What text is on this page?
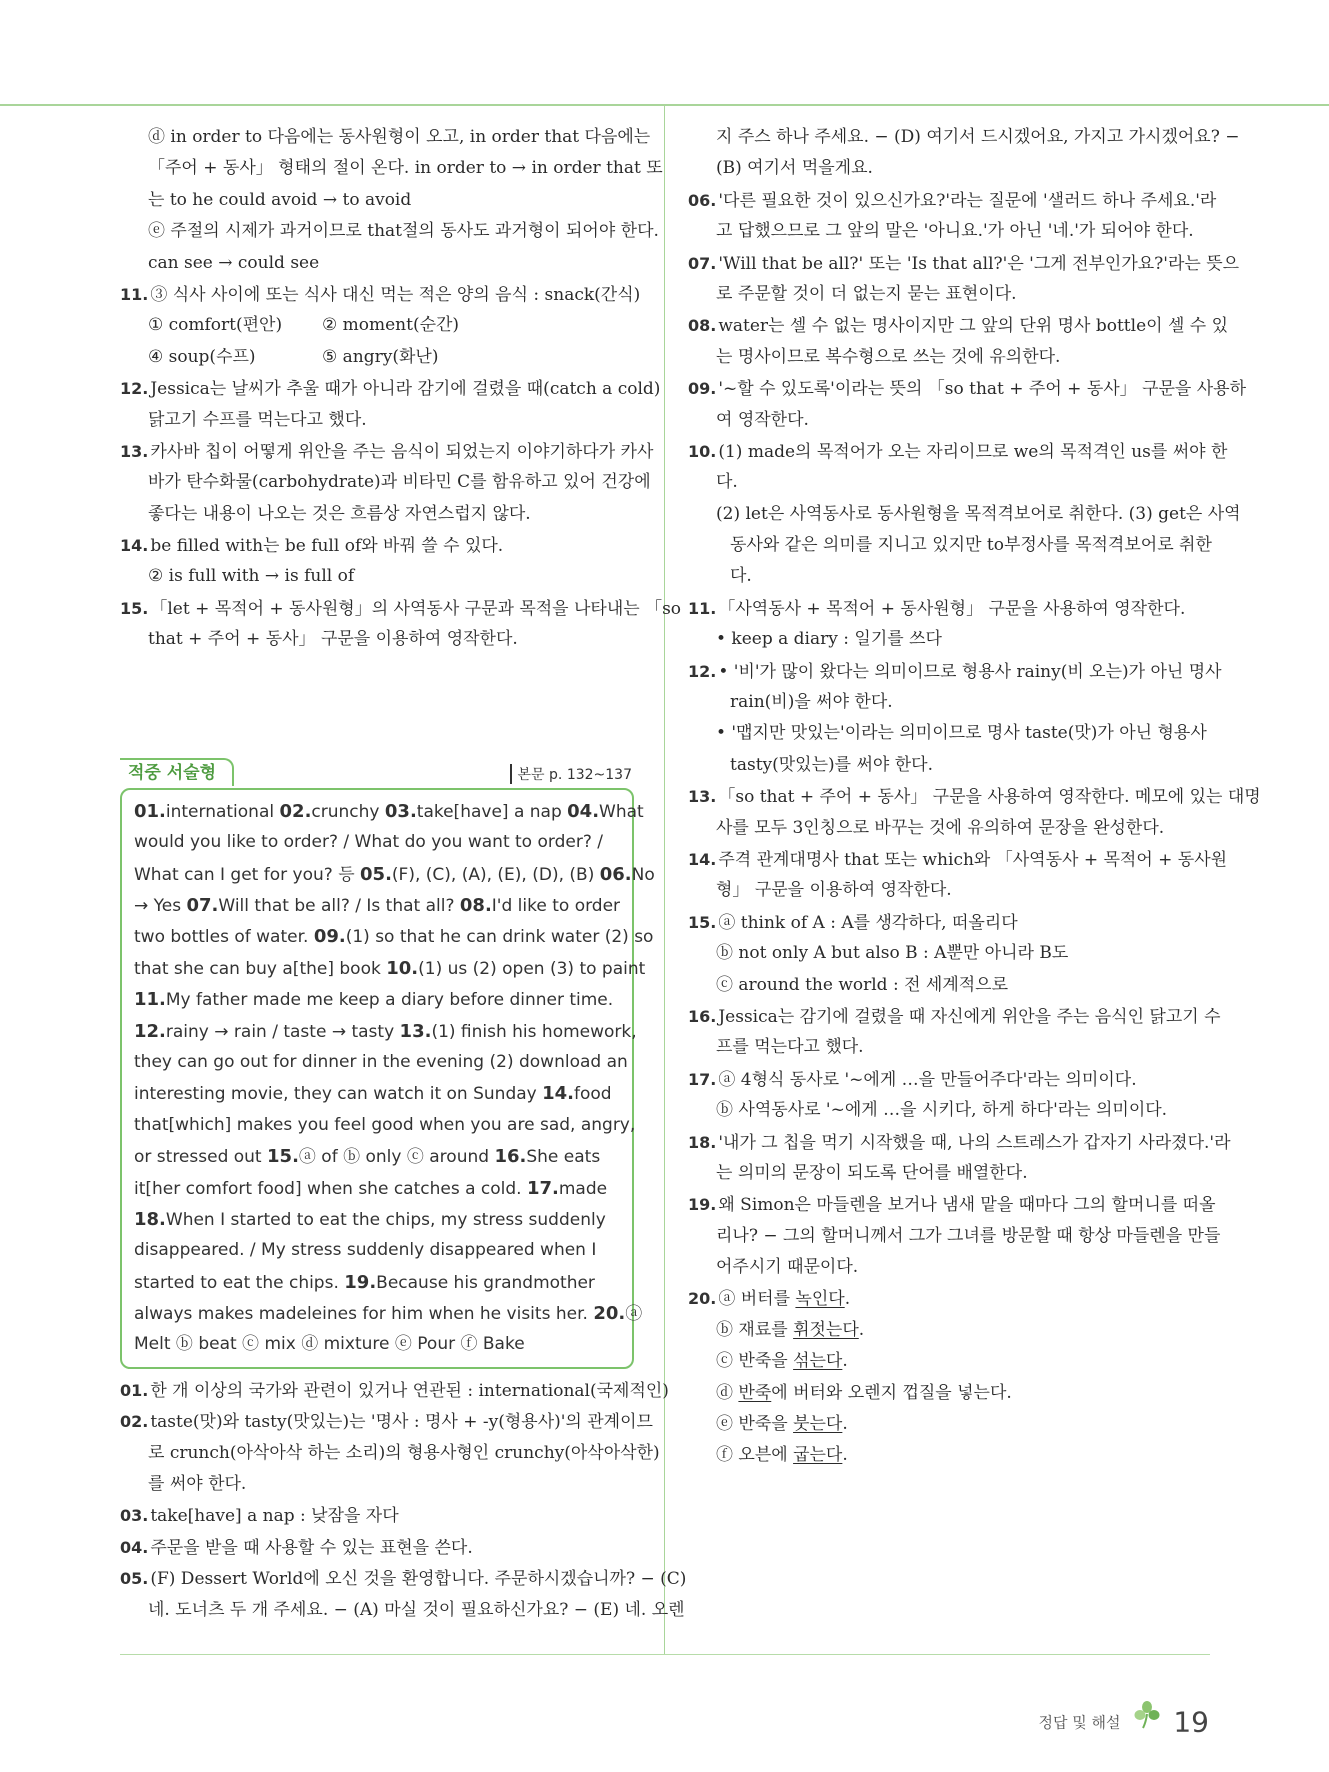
ⓓ in order to 다음에는 동사원형이 오고, in order that 다음에는
「주어 + 동사」 형태의 절이 온다. in order to → in order that 또
는 to he could avoid → to avoid
ⓔ 주절의 시제가 과거이므로 that절의 동사도 과거형이 되어야 한다.
can see → could see
11. ③ 식사 사이에 또는 식사 대신 먹는 적은 양의 음식 : snack(간식)
① comfort(편안) ② moment(순간)
④ soup(수프)	⑤ angry(화난)
12. Jessica는 날씨가 추울 때가 아니라 감기에 걸렸을 때(catch a cold)
닭고기 수프를 먹는다고 했다.
13. 카사바 칩이 어떻게 위안을 주는 음식이 되었는지 이야기하다가 카사
바가 탄수화물(carbohydrate)과 비타민 C를 함유하고 있어 건강에
좋다는 내용이 나오는 것은 흐름상 자연스럽지 않다.
14. be filled with는 be full of와 바꿔 쓸 수 있다.
② is full with → is full of
15. 「let + 목적어 + 동사원형」의 사역동사 구문과 목적을 나타내는 「so
that + 주어 + 동사」 구문을 이용하여 영작한다.
적중 서술형	본문 p. 132~137
01.international 02.crunchy 03.take[have] a nap 04.What
would you like to order? / What do you want to order? /
What can I get for you? 등 05.(F), (C), (A), (E), (D), (B) 06.No
→ Yes 07.Will that be all? / Is that all? 08.I'd like to order
two bottles of water. 09.(1) so that he can drink water (2) so
that she can buy a[the] book 10.(1) us (2) open (3) to paint
11.My father made me keep a diary before dinner time.
12.rainy → rain / taste → tasty 13.(1) finish his homework,
they can go out for dinner in the evening (2) download an
interesting movie, they can watch it on Sunday 14.food
that[which] makes you feel good when you are sad, angry,
or stressed out 15.ⓐ of ⓑ only ⓒ around 16.She eats
it[her comfort food] when she catches a cold. 17.made
18.When I started to eat the chips, my stress suddenly
disappeared. / My stress suddenly disappeared when I
started to eat the chips. 19.Because his grandmother
always makes madeleines for him when he visits her. 20.ⓐ
Melt ⓑ beat ⓒ mix ⓓ mixture ⓔ Pour ⓕ Bake
01. 한 개 이상의 국가와 관련이 있거나 연관된 : international(국제적인)
02. taste(맛)와 tasty(맛있는)는 '명사 : 명사 + -y(형용사)'의 관계이므
로 crunch(아삭아삭 하는 소리)의 형용사형인 crunchy(아삭아삭한)
를 써야 한다.
03. take[have] a nap : 낮잠을 자다
04. 주문을 받을 때 사용할 수 있는 표현을 쓴다.
05. (F) Dessert World에 오신 것을 환영합니다. 주문하시겠습니까? − (C)
네. 도너츠 두 개 주세요. − (A) 마실 것이 필요하신가요? − (E) 네. 오렌
지 주스 하나 주세요. − (D) 여기서 드시겠어요, 가지고 가시겠어요? −
(B) 여기서 먹을게요.
06. '다른 필요한 것이 있으신가요?'라는 질문에 '샐러드 하나 주세요.'라
고 답했으므로 그 앞의 말은 '아니요.'가 아닌 '네.'가 되어야 한다.
07. 'Will that be all?' 또는 'Is that all?'은 '그게 전부인가요?'라는 뜻으
로 주문할 것이 더 없는지 묻는 표현이다.
08. water는 셀 수 없는 명사이지만 그 앞의 단위 명사 bottle이 셀 수 있
는 명사이므로 복수형으로 쓰는 것에 유의한다.
09. '~할 수 있도록'이라는 뜻의 「so that + 주어 + 동사」 구문을 사용하
여 영작한다.
10. (1) made의 목적어가 오는 자리이므로 we의 목적격인 us를 써야 한
다.
(2) let은 사역동사로 동사원형을 목적격보어로 취한다. (3) get은 사역
동사와 같은 의미를 지니고 있지만 to부정사를 목적격보어로 취한
다.
11. 「사역동사 + 목적어 + 동사원형」 구문을 사용하여 영작한다.
• keep a diary : 일기를 쓰다
12. • '비'가 많이 왔다는 의미이므로 형용사 rainy(비 오는)가 아닌 명사
rain(비)을 써야 한다.
• '맵지만 맛있는'이라는 의미이므로 명사 taste(맛)가 아닌 형용사
tasty(맛있는)를 써야 한다.
13. 「so that + 주어 + 동사」 구문을 사용하여 영작한다. 메모에 있는 대명
사를 모두 3인칭으로 바꾸는 것에 유의하여 문장을 완성한다.
14. 주격 관계대명사 that 또는 which와 「사역동사 + 목적어 + 동사원
형」 구문을 이용하여 영작한다.
15. ⓐ think of A : A를 생각하다, 떠올리다
ⓑ not only A but also B : A뿐만 아니라 B도
ⓒ around the world : 전 세계적으로
16. Jessica는 감기에 걸렸을 때 자신에게 위안을 주는 음식인 닭고기 수
프를 먹는다고 했다.
17. ⓐ 4형식 동사로 '~에게 …을 만들어주다'라는 의미이다.
ⓑ 사역동사로 '~에게 …을 시키다, 하게 하다'라는 의미이다.
18. '내가 그 칩을 먹기 시작했을 때, 나의 스트레스가 갑자기 사라졌다.'라
는 의미의 문장이 되도록 단어를 배열한다.
19. 왜 Simon은 마들렌을 보거나 냄새 맡을 때마다 그의 할머니를 떠올
리나? − 그의 할머니께서 그가 그녀를 방문할 때 항상 마들렌을 만들
어주시기 때문이다.
20. ⓐ 버터를 녹인다.
ⓑ 재료를 휘젓는다.
ⓒ 반죽을 섞는다.
ⓓ 반죽에 버터와 오렌지 껍질을 넣는다.
ⓔ 반죽을 붓는다.
ⓕ 오븐에 굽는다.
정답 및 해설 19
